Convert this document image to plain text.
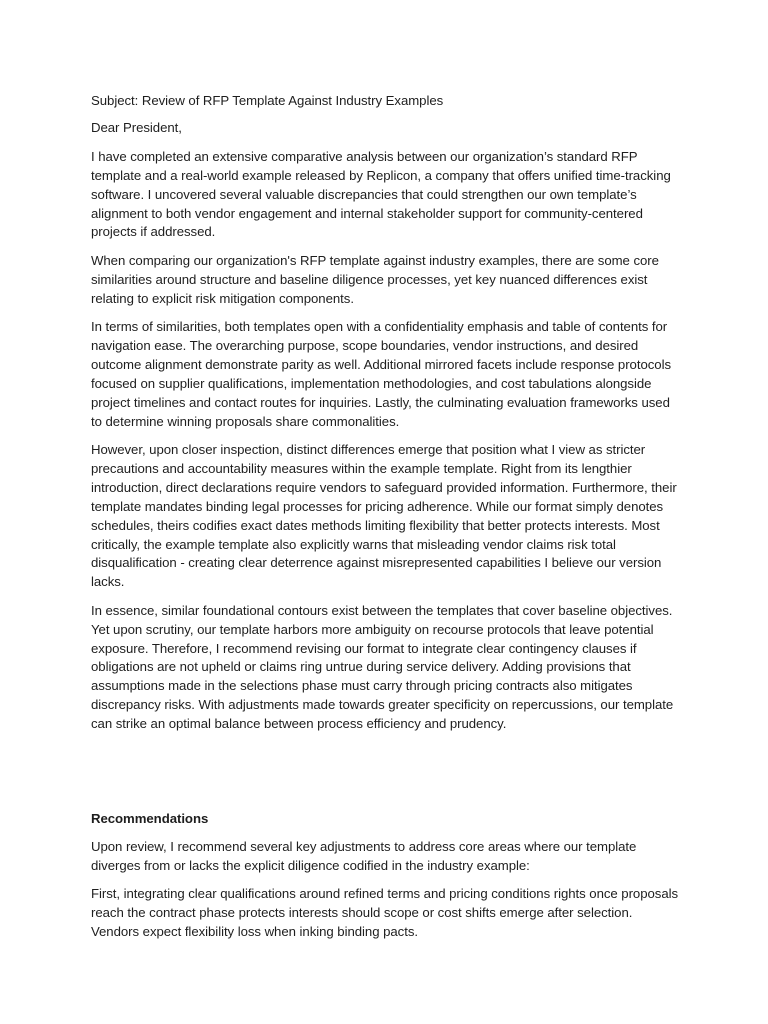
Subject: Review of RFP Template Against Industry Examples

Dear President,

I have completed an extensive comparative analysis between our organization’s standard RFP template and a real-world example released by Replicon, a company that offers unified time-tracking software. I uncovered several valuable discrepancies that could strengthen our own template’s alignment to both vendor engagement and internal stakeholder support for community-centered projects if addressed.

When comparing our organization's RFP template against industry examples, there are some core similarities around structure and baseline diligence processes, yet key nuanced differences exist relating to explicit risk mitigation components.

In terms of similarities, both templates open with a confidentiality emphasis and table of contents for navigation ease. The overarching purpose, scope boundaries, vendor instructions, and desired outcome alignment demonstrate parity as well. Additional mirrored facets include response protocols focused on supplier qualifications, implementation methodologies, and cost tabulations alongside project timelines and contact routes for inquiries. Lastly, the culminating evaluation frameworks used to determine winning proposals share commonalities.

However, upon closer inspection, distinct differences emerge that position what I view as stricter precautions and accountability measures within the example template. Right from its lengthier introduction, direct declarations require vendors to safeguard provided information. Furthermore, their template mandates binding legal processes for pricing adherence. While our format simply denotes schedules, theirs codifies exact dates methods limiting flexibility that better protects interests. Most critically, the example template also explicitly warns that misleading vendor claims risk total disqualification - creating clear deterrence against misrepresented capabilities I believe our version lacks.

In essence, similar foundational contours exist between the templates that cover baseline objectives. Yet upon scrutiny, our template harbors more ambiguity on recourse protocols that leave potential exposure. Therefore, I recommend revising our format to integrate clear contingency clauses if obligations are not upheld or claims ring untrue during service delivery. Adding provisions that assumptions made in the selections phase must carry through pricing contracts also mitigates discrepancy risks. With adjustments made towards greater specificity on repercussions, our template can strike an optimal balance between process efficiency and prudency.

Recommendations

Upon review, I recommend several key adjustments to address core areas where our template diverges from or lacks the explicit diligence codified in the industry example:

First, integrating clear qualifications around refined terms and pricing conditions rights once proposals reach the contract phase protects interests should scope or cost shifts emerge after selection. Vendors expect flexibility loss when inking binding pacts.
